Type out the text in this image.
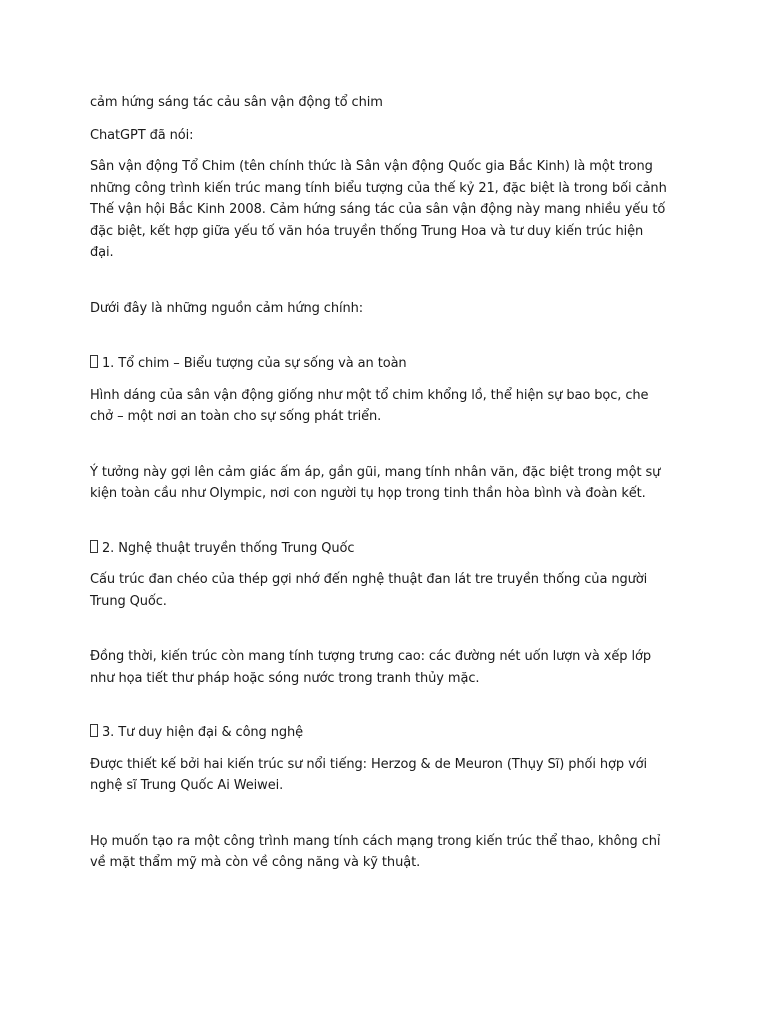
cảm hứng sáng tác cảu sân vận động tổ chim

ChatGPT đã nói:

Sân vận động Tổ Chim (tên chính thức là Sân vận động Quốc gia Bắc Kinh) là một trong những công trình kiến trúc mang tính biểu tượng của thế kỷ 21, đặc biệt là trong bối cảnh Thế vận hội Bắc Kinh 2008. Cảm hứng sáng tác của sân vận động này mang nhiều yếu tố đặc biệt, kết hợp giữa yếu tố văn hóa truyền thống Trung Hoa và tư duy kiến trúc hiện đại.

Dưới đây là những nguồn cảm hứng chính:

1. Tổ chim – Biểu tượng của sự sống và an toàn

Hình dáng của sân vận động giống như một tổ chim khổng lồ, thể hiện sự bao bọc, che chở – một nơi an toàn cho sự sống phát triển.

Ý tưởng này gợi lên cảm giác ấm áp, gần gũi, mang tính nhân văn, đặc biệt trong một sự kiện toàn cầu như Olympic, nơi con người tụ họp trong tinh thần hòa bình và đoàn kết.

2. Nghệ thuật truyền thống Trung Quốc

Cấu trúc đan chéo của thép gợi nhớ đến nghệ thuật đan lát tre truyền thống của người Trung Quốc.

Đồng thời, kiến trúc còn mang tính tượng trưng cao: các đường nét uốn lượn và xếp lớp như họa tiết thư pháp hoặc sóng nước trong tranh thủy mặc.

3. Tư duy hiện đại & công nghệ

Được thiết kế bởi hai kiến trúc sư nổi tiếng: Herzog & de Meuron (Thụy Sĩ) phối hợp với nghệ sĩ Trung Quốc Ai Weiwei.

Họ muốn tạo ra một công trình mang tính cách mạng trong kiến trúc thể thao, không chỉ về mặt thẩm mỹ mà còn về công năng và kỹ thuật.
